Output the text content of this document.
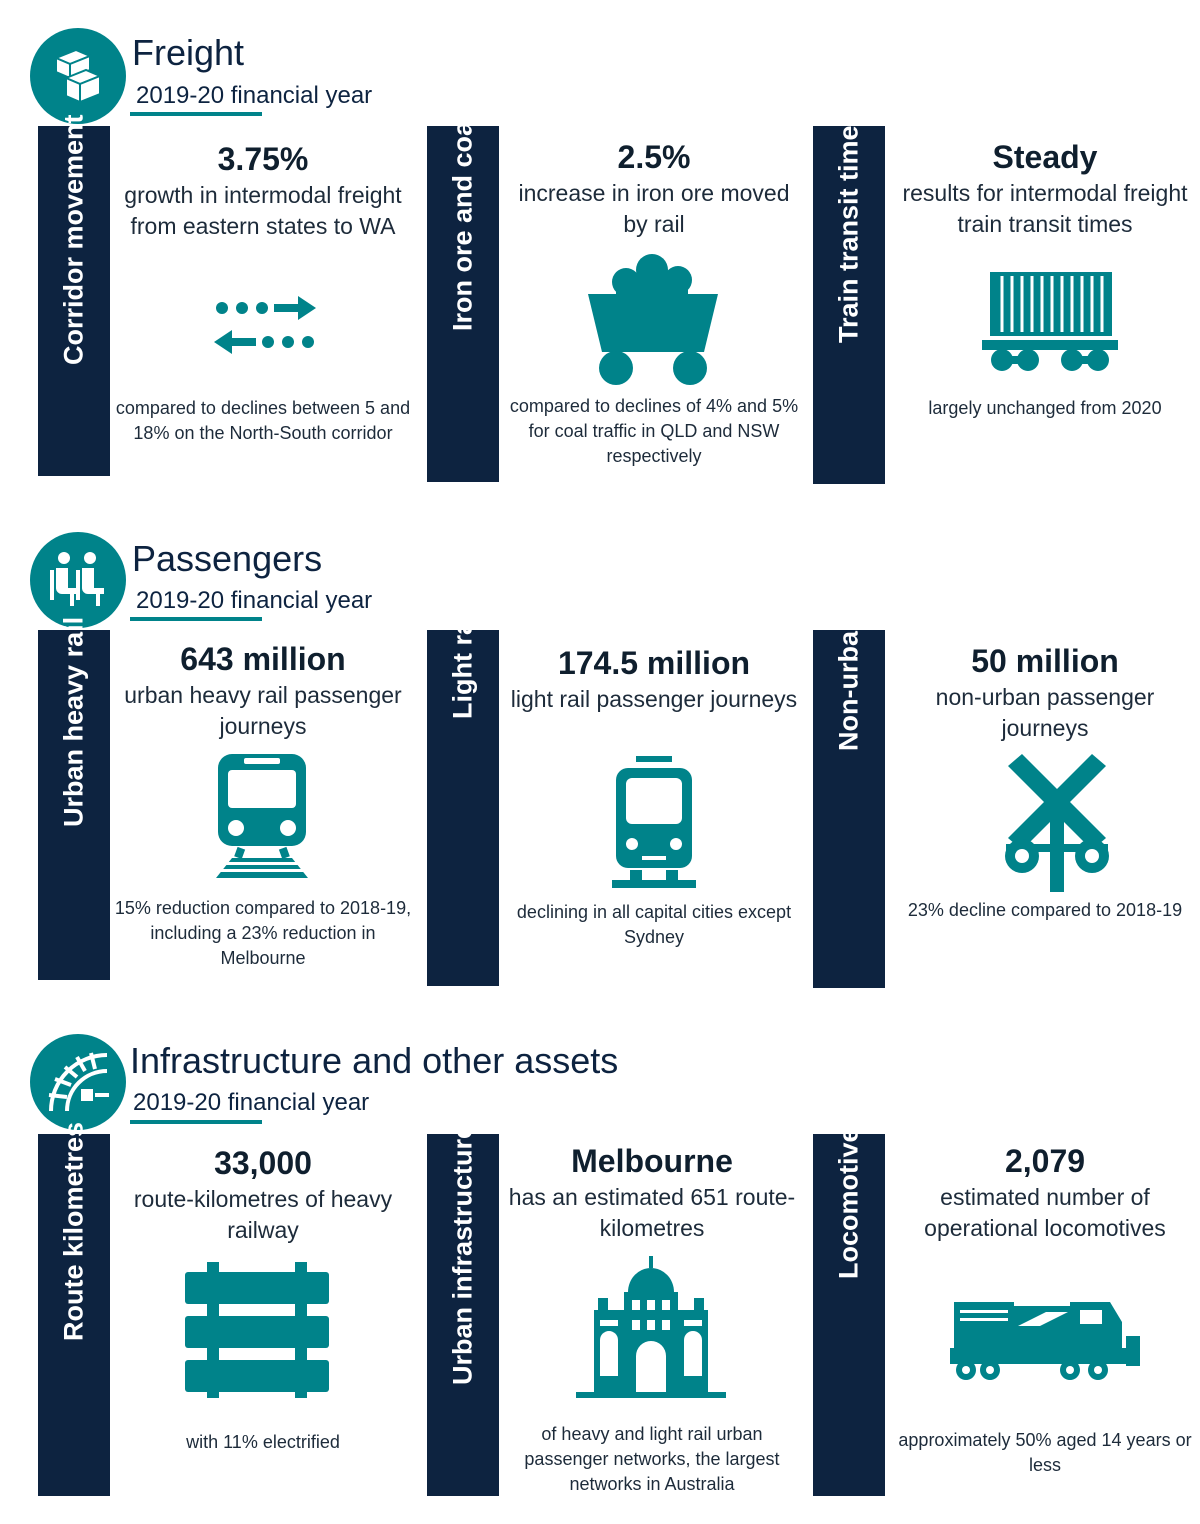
Freight
2019-20 financial year
Corridor movement	3.75%
growth in intermodal freight from eastern states to WA
compared to declines between 5 and 18% on the North-South corridor
Iron ore and coal	2.5%
increase in iron ore moved by rail
compared to declines of 4% and 5% for coal traffic in QLD and NSW respectively
Train transit times	Steady
results for intermodal freight train transit times
largely unchanged from 2020
Passengers
2019-20 financial year
Urban heavy rail	643 million
urban heavy rail passenger journeys
15% reduction compared to 2018-19, including a 23% reduction in Melbourne
Light rail	174.5 million
light rail passenger journeys
declining in all capital cities except Sydney
Non-urban	50 million
non-urban passenger journeys
23% decline compared to 2018-19
Infrastructure and other assets
2019-20 financial year
Route kilometres	33,000
route-kilometres of heavy railway
with 11% electrified
Urban infrastructure	Melbourne
has an estimated 651 route-kilometres
of heavy and light rail urban passenger networks, the largest networks in Australia
Locomotives	2,079
estimated number of operational locomotives
approximately 50% aged 14 years or less
